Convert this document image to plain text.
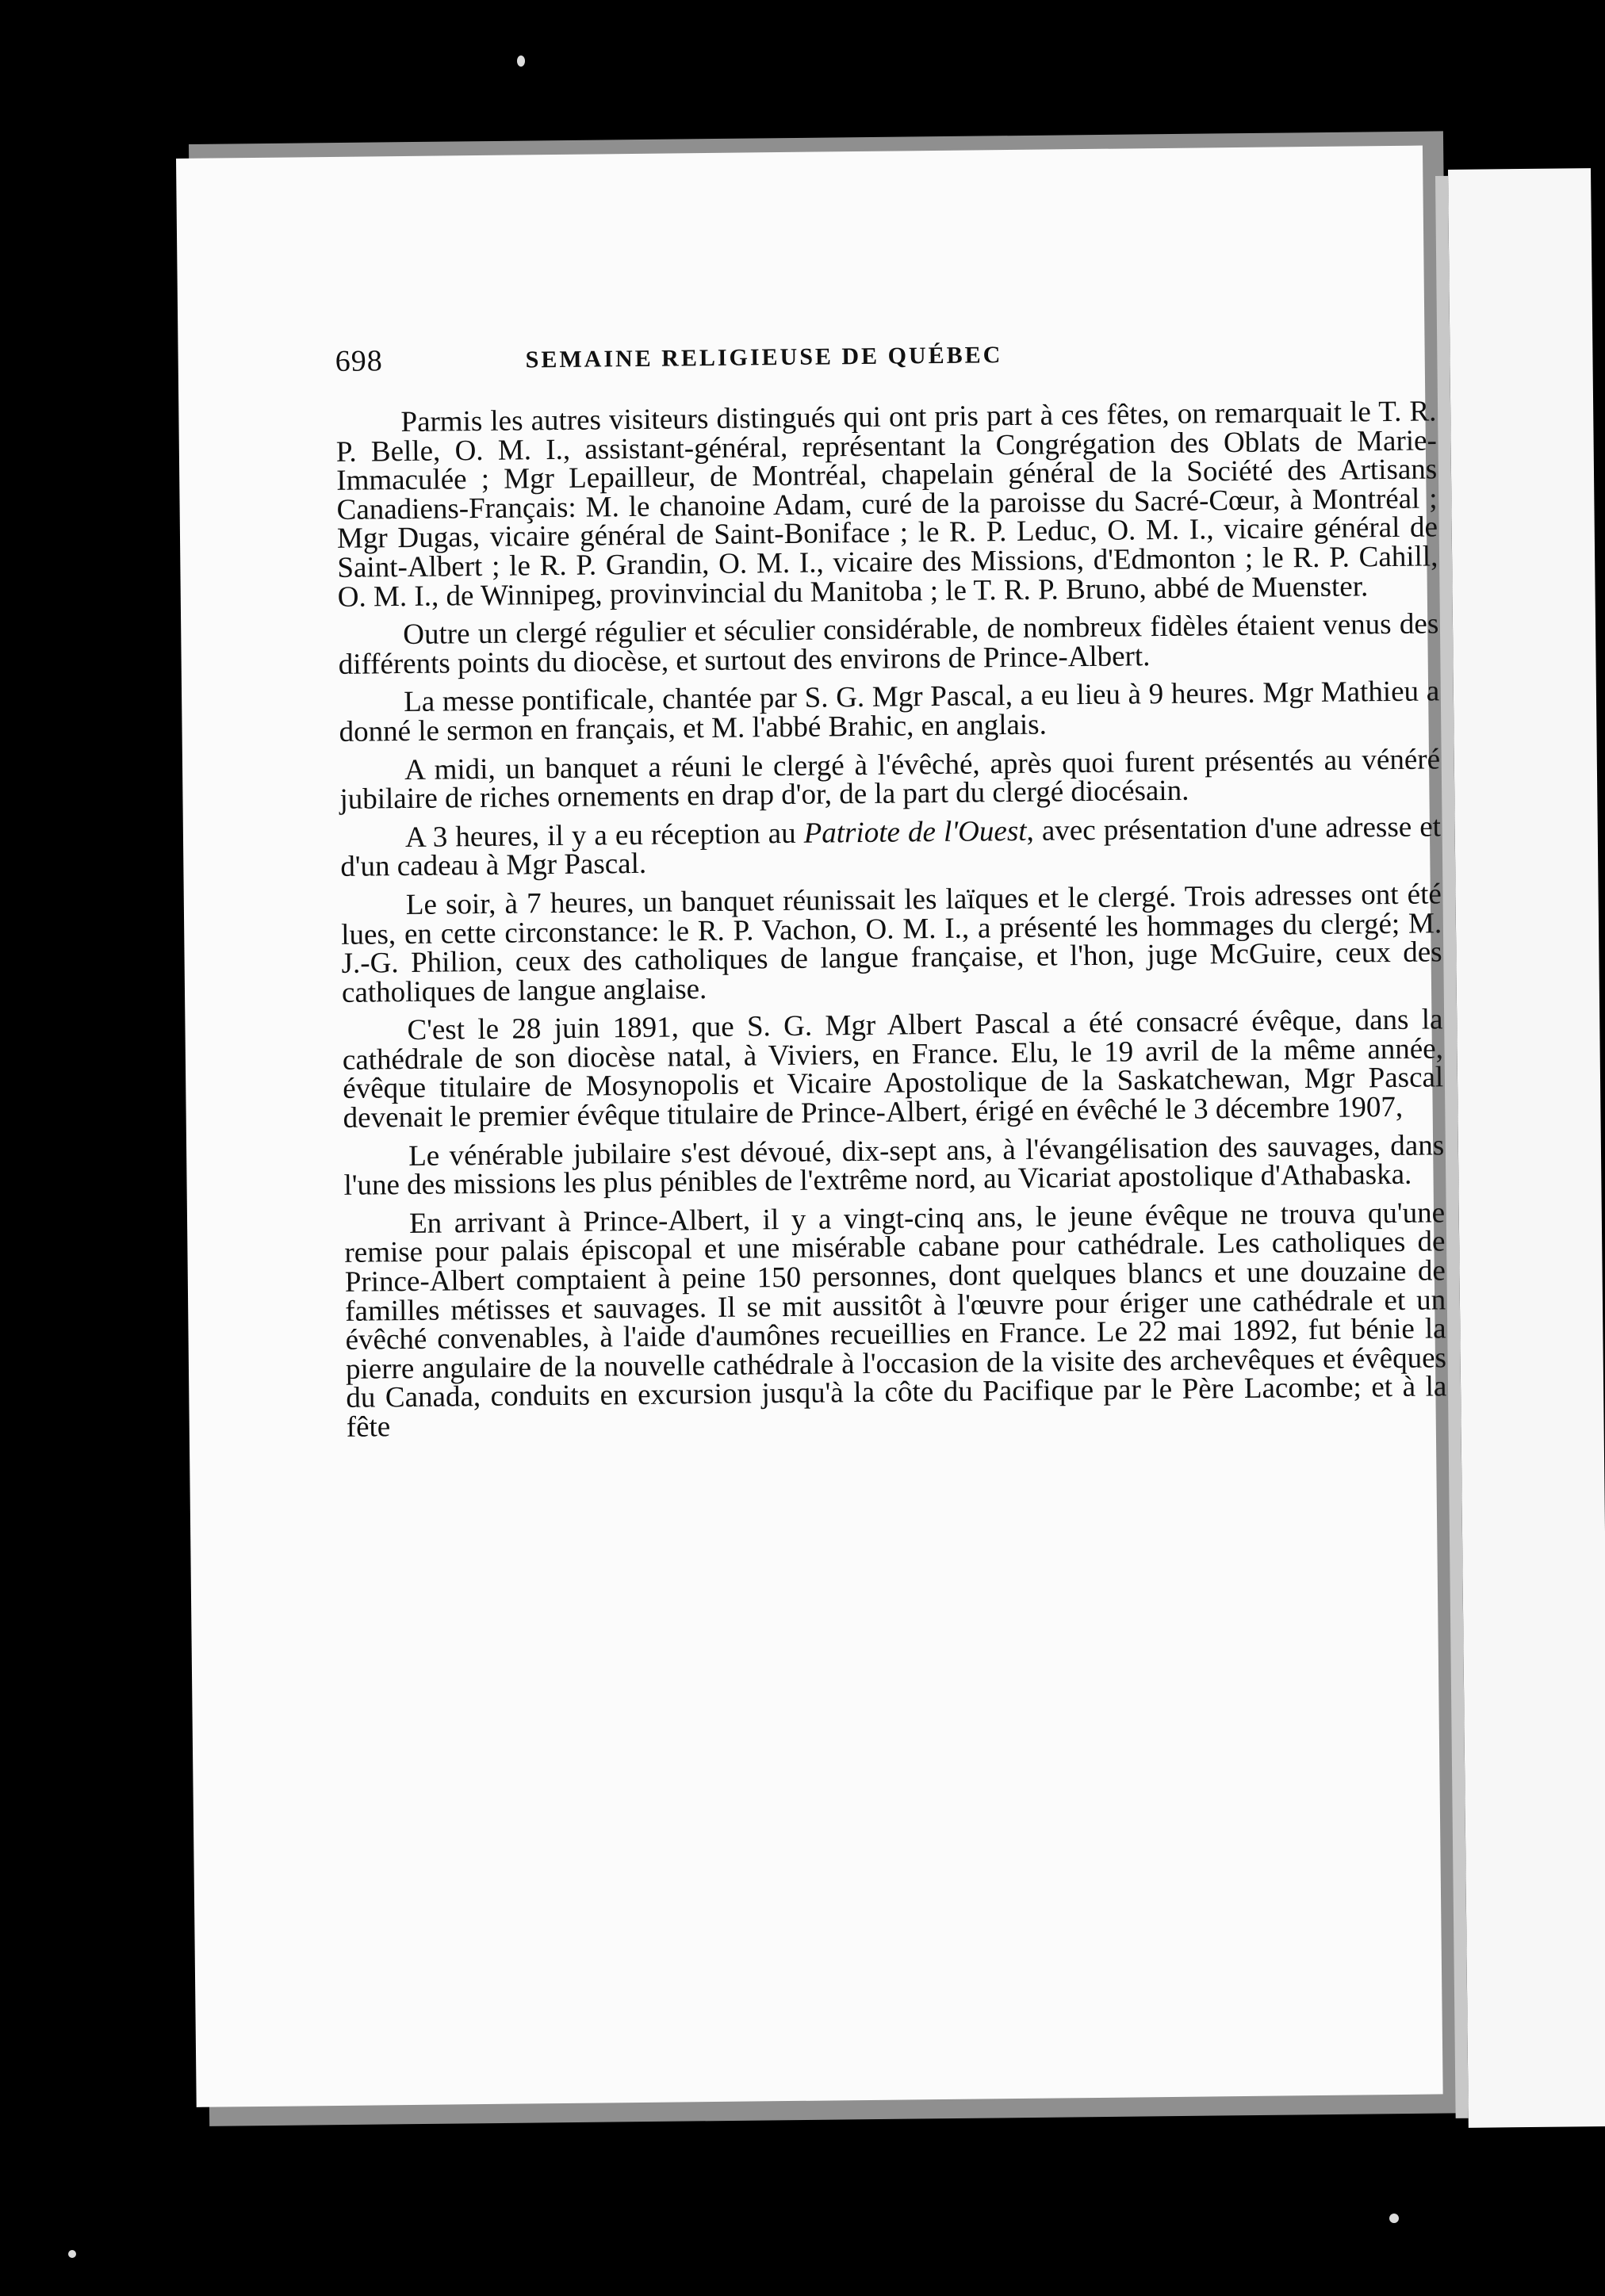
698	SEMAINE RELIGIEUSE DE QUÉBEC

Parmis les autres visiteurs distingués qui ont pris part à ces fêtes, on remarquait le T. R. P. Belle, O. M. I., assistant-général, représentant la Congrégation des Oblats de Marie-Immaculée ; Mgr Lepailleur, de Montréal, chapelain général de la Société des Artisans Canadiens-Français: M. le chanoine Adam, curé de la paroisse du Sacré-Cœur, à Montréal ; Mgr Dugas, vicaire général de Saint-Boniface ; le R. P. Leduc, O. M. I., vicaire général de Saint-Albert ; le R. P. Grandin, O. M. I., vicaire des Missions, d'Edmonton ; le R. P. Cahill, O. M. I., de Winnipeg, provinvincial du Manitoba ; le T. R. P. Bruno, abbé de Muenster.

Outre un clergé régulier et séculier considérable, de nombreux fidèles étaient venus des différents points du diocèse, et surtout des environs de Prince-Albert.

La messe pontificale, chantée par S. G. Mgr Pascal, a eu lieu à 9 heures. Mgr Mathieu a donné le sermon en français, et M. l'abbé Brahic, en anglais.

A midi, un banquet a réuni le clergé à l'évêché, après quoi furent présentés au vénéré jubilaire de riches ornements en drap d'or, de la part du clergé diocésain.

A 3 heures, il y a eu réception au Patriote de l'Ouest, avec présentation d'une adresse et d'un cadeau à Mgr Pascal.

Le soir, à 7 heures, un banquet réunissait les laïques et le clergé. Trois adresses ont été lues, en cette circonstance: le R. P. Vachon, O. M. I., a présenté les hommages du clergé; M. J.-G. Philion, ceux des catholiques de langue française, et l'hon, juge McGuire, ceux des catholiques de langue anglaise.

C'est le 28 juin 1891, que S. G. Mgr Albert Pascal a été consacré évêque, dans la cathédrale de son diocèse natal, à Viviers, en France. Elu, le 19 avril de la même année, évêque titulaire de Mosynopolis et Vicaire Apostolique de la Saskatchewan, Mgr Pascal devenait le premier évêque titulaire de Prince-Albert, érigé en évêché le 3 décembre 1907,

Le vénérable jubilaire s'est dévoué, dix-sept ans, à l'évangélisation des sauvages, dans l'une des missions les plus pénibles de l'extrême nord, au Vicariat apostolique d'Athabaska.

En arrivant à Prince-Albert, il y a vingt-cinq ans, le jeune évêque ne trouva qu'une remise pour palais épiscopal et une misérable cabane pour cathédrale. Les catholiques de Prince-Albert comptaient à peine 150 personnes, dont quelques blancs et une douzaine de familles métisses et sauvages. Il se mit aussitôt à l'œuvre pour ériger une cathédrale et un évêché convenables, à l'aide d'aumônes recueillies en France. Le 22 mai 1892, fut bénie la pierre angulaire de la nouvelle cathédrale à l'occasion de la visite des archevêques et évêques du Canada, conduits en excursion jusqu'à la côte du Pacifique par le Père Lacombe; et à la fête
